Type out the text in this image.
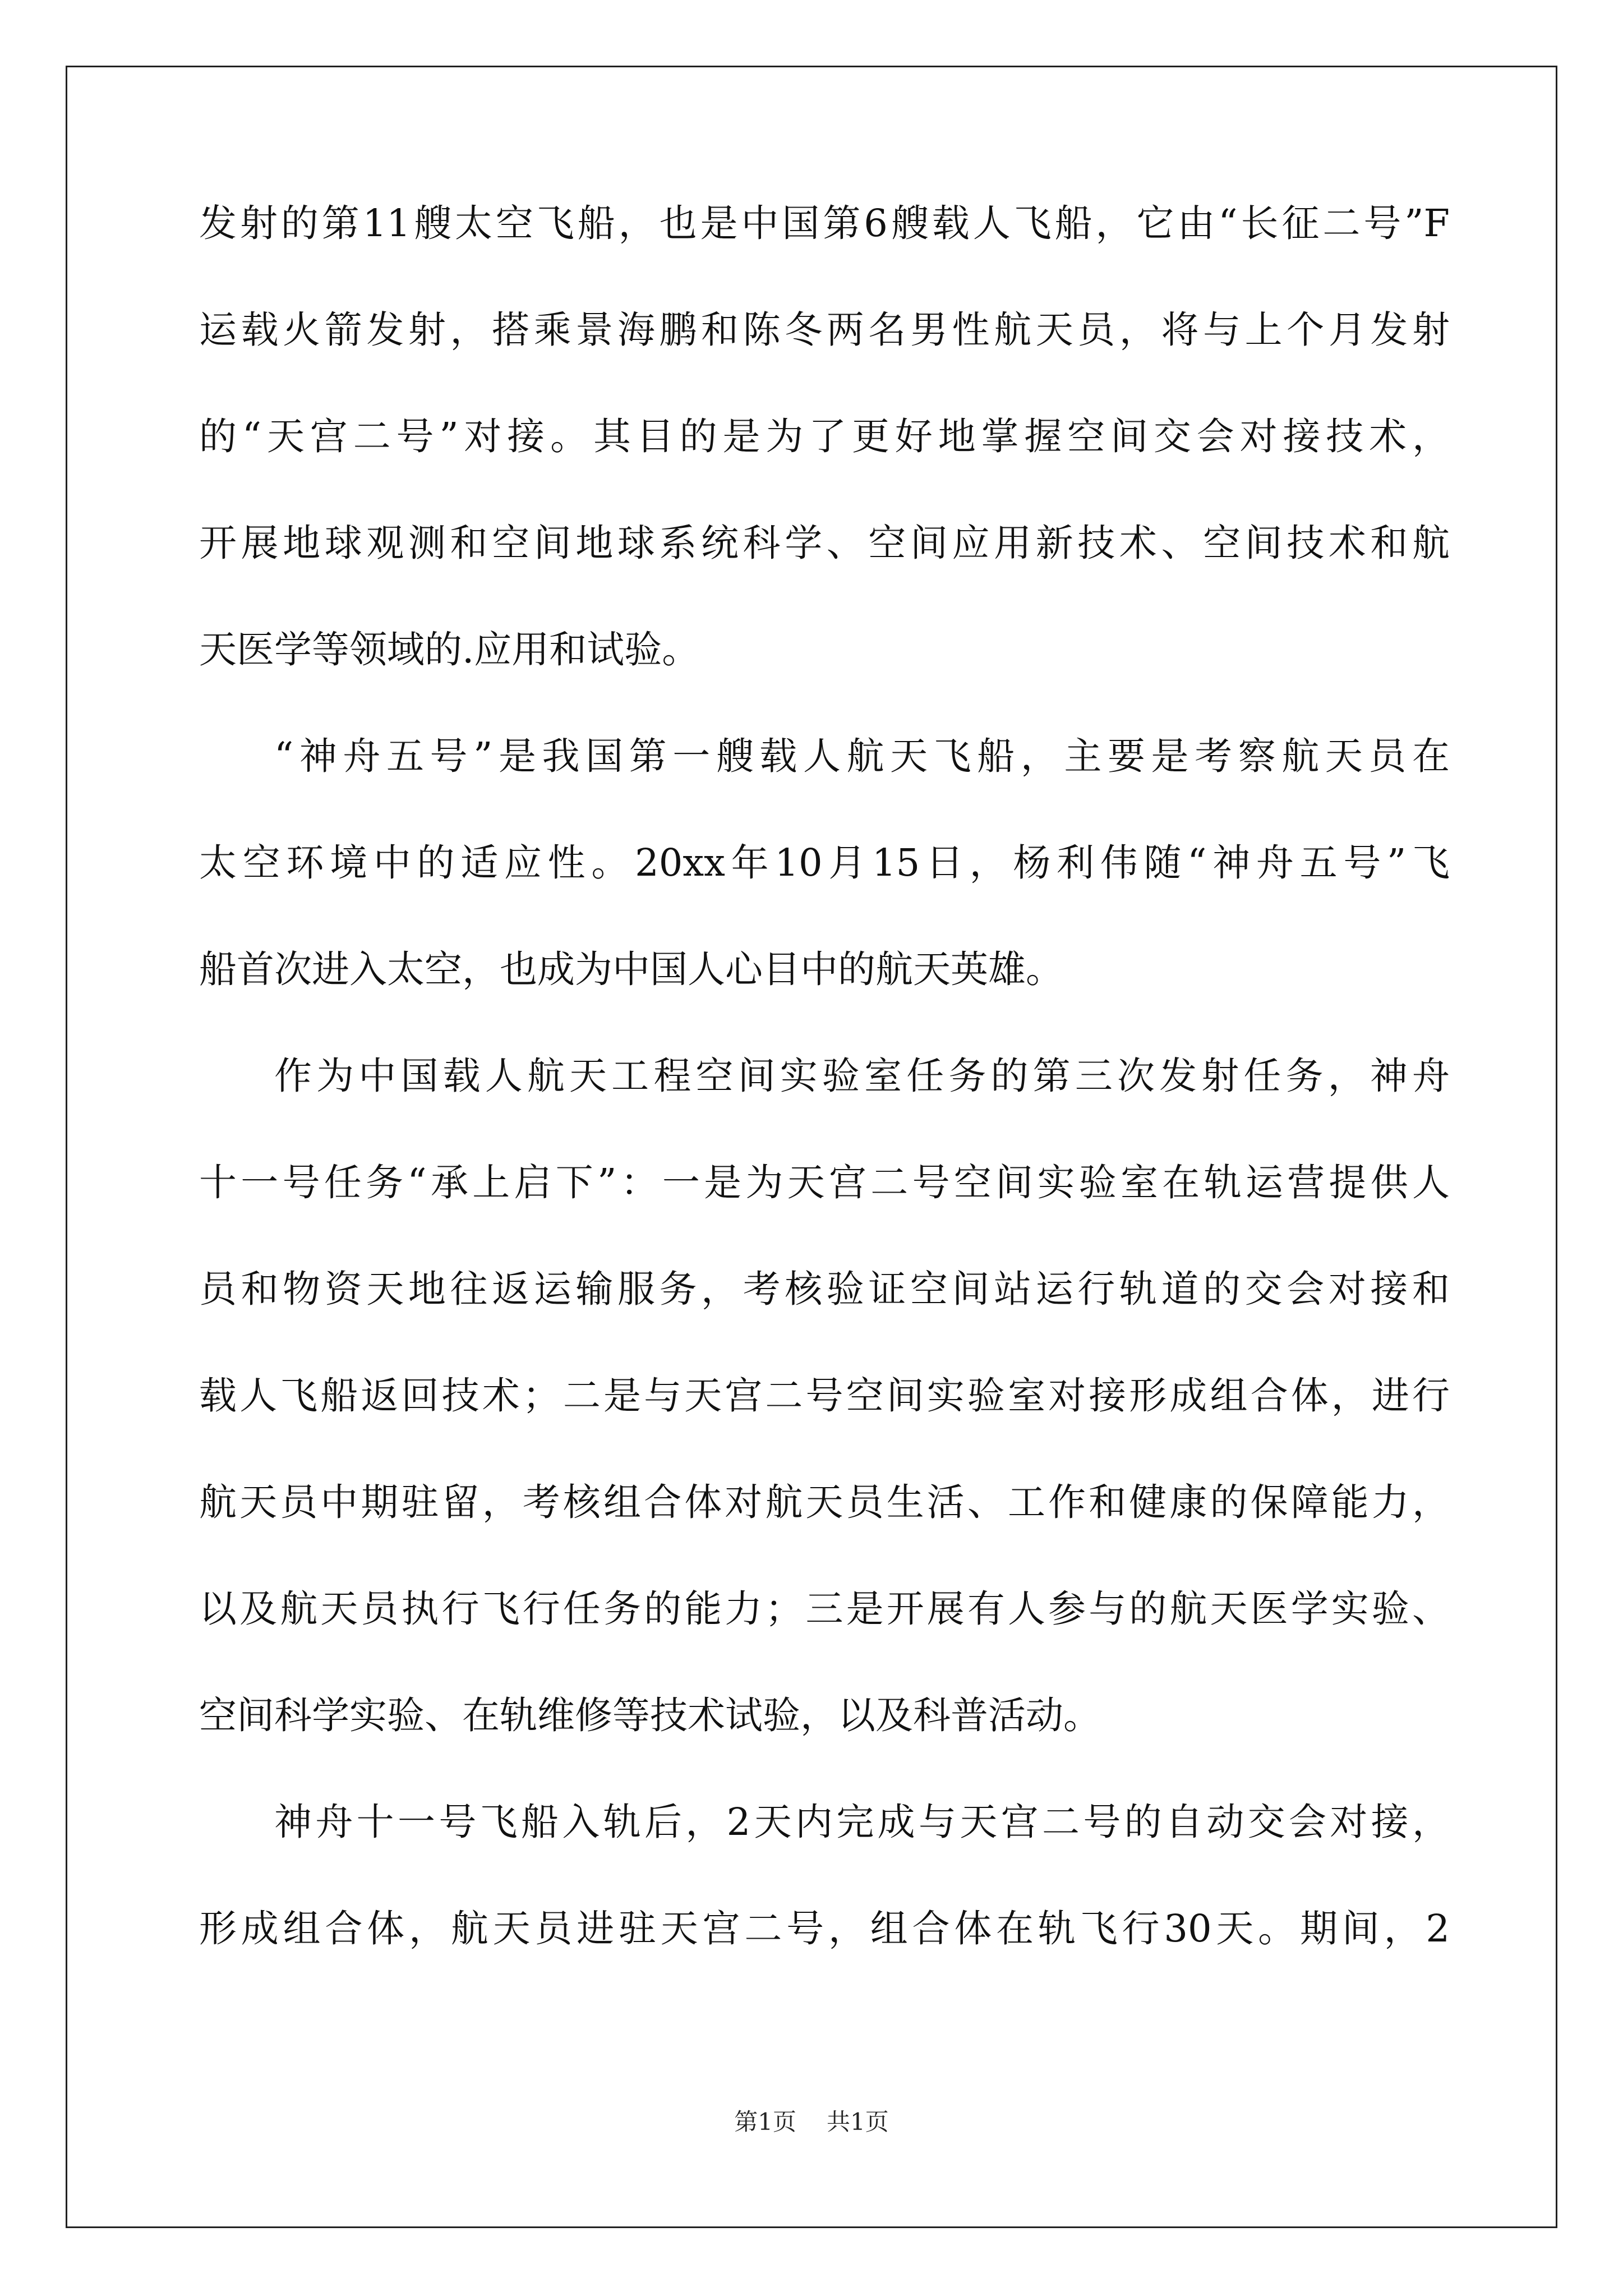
发射的第11艘太空飞船，也是中国第6艘载人飞船，它由“长征二号”F
运载火箭发射，搭乘景海鹏和陈冬两名男性航天员，将与上个月发射
的“天宫二号”对接。其目的是为了更好地掌握空间交会对接技术，
开展地球观测和空间地球系统科学、空间应用新技术、空间技术和航
天医学等领域的.应用和试验。
“神舟五号”是我国第一艘载人航天飞船，主要是考察航天员在
太空环境中的适应性。20xx年10月15日，杨利伟随“神舟五号”飞
船首次进入太空，也成为中国人心目中的航天英雄。
作为中国载人航天工程空间实验室任务的第三次发射任务，神舟
十一号任务“承上启下”：一是为天宫二号空间实验室在轨运营提供人
员和物资天地往返运输服务，考核验证空间站运行轨道的交会对接和
载人飞船返回技术；二是与天宫二号空间实验室对接形成组合体，进行
航天员中期驻留，考核组合体对航天员生活、工作和健康的保障能力，
以及航天员执行飞行任务的能力；三是开展有人参与的航天医学实验、
空间科学实验、在轨维修等技术试验，以及科普活动。
神舟十一号飞船入轨后，2天内完成与天宫二号的自动交会对接，
形成组合体，航天员进驻天宫二号，组合体在轨飞行30天。期间，2
第1页 共1页
